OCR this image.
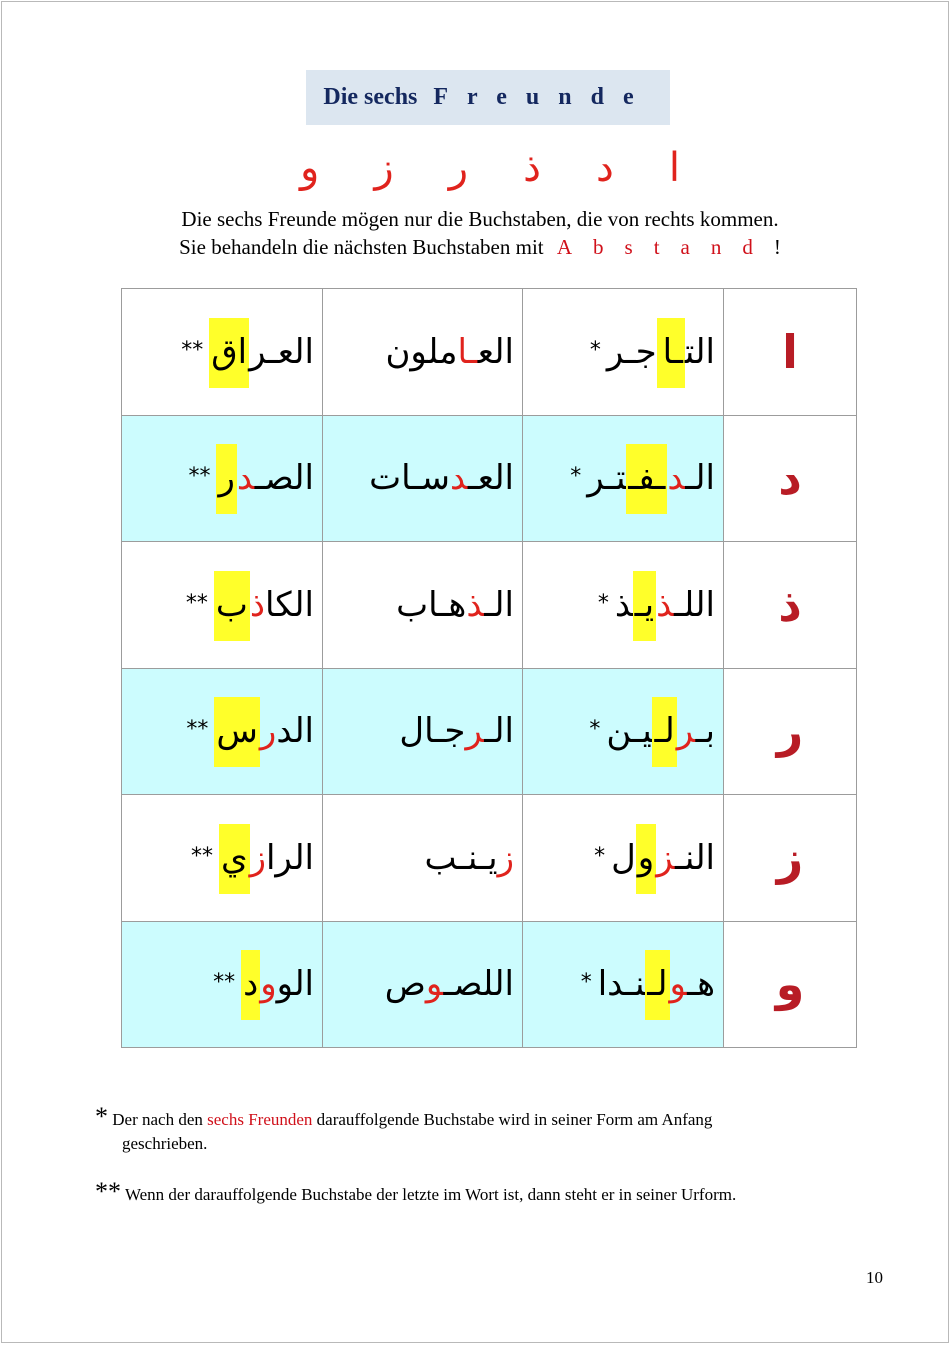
Die sechs Freunde
ا
د
ذ
ر
ز
و
Die sechs Freunde mögen nur die Buchstaben, die von rechts kommen.
Sie behandeln die nächsten Buchstaben mit Abstand!
** العـراق	العـاملون	* التـاجـر	ا
** الصـدر	العـدسـات	* الـدـفـتـر	د
** الكاذب	الـذهـاب	* اللـذيـذ	ذ
** الدرس	الـرجـال	* بـرلـيـن	ر
** الرازي	زيـنـب	* النـزول	ز
** الوود	اللصـوص	* هـولـنـدا	و
* Der nach den sechs Freunden darauffolgende Buchstabe wird in seiner Form am Anfang
geschrieben.
** Wenn der darauffolgende Buchstabe der letzte im Wort ist, dann steht er in seiner Urform.
10
